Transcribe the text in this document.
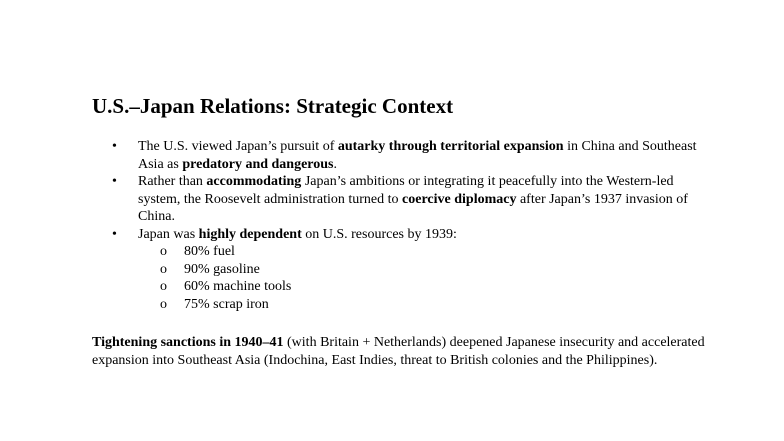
U.S.–Japan Relations: Strategic Context
•	The U.S. viewed Japan’s pursuit of autarky through territorial expansion in China and Southeast Asia as predatory and dangerous.
•	Rather than accommodating Japan’s ambitions or integrating it peacefully into the Western-led system, the Roosevelt administration turned to coercive diplomacy after Japan’s 1937 invasion of China.
•	Japan was highly dependent on U.S. resources by 1939:
o 80% fuel
o 90% gasoline
o 60% machine tools
o 75% scrap iron

Tightening sanctions in 1940–41 (with Britain + Netherlands) deepened Japanese insecurity and accelerated expansion into Southeast Asia (Indochina, East Indies, threat to British colonies and the Philippines).
